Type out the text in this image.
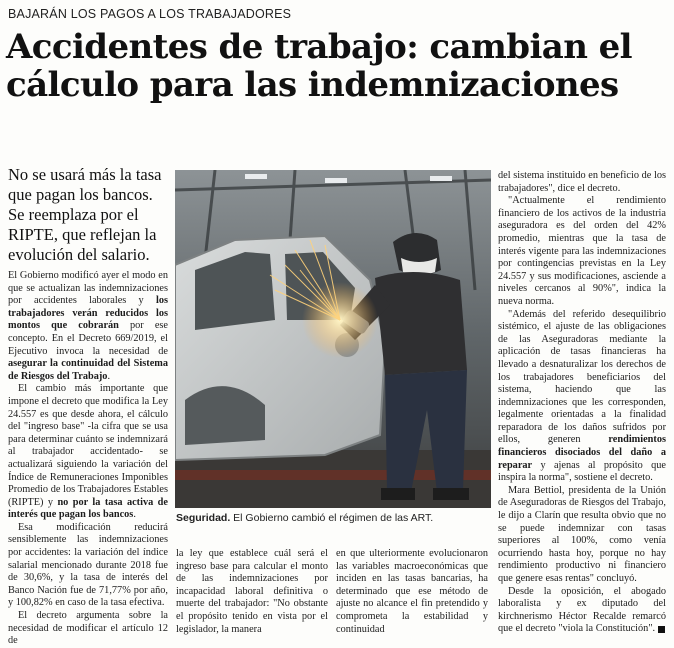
BAJARÁN LOS PAGOS A LOS TRABAJADORES
Accidentes de trabajo: cambian el cálculo para las indemnizaciones

No se usará más la tasa que pagan los bancos. Se reemplaza por el RIPTE, que reflejan la evolución del salario.

El Gobierno modificó ayer el modo en que se actualizan las indemnizaciones por accidentes laborales y los trabajadores verán reducidos los montos que cobrarán por ese concepto. En el Decreto 669/2019, el Ejecutivo invoca la necesidad de asegurar la continuidad del Sistema de Riesgos del Trabajo.

El cambio más importante que impone el decreto que modifica la Ley 24.557 es que desde ahora, el cálculo del "ingreso base" -la cifra que se usa para determinar cuánto se indemnizará al trabajador accidentado- se actualizará siguiendo la variación del Índice de Remuneraciones Imponibles Promedio de los Trabajadores Estables (RIPTE) y no por la tasa activa de interés que pagan los bancos.

Esa modificación reducirá sensiblemente las indemnizaciones por accidentes: la variación del índice salarial mencionado durante 2018 fue de 30,6%, y la tasa de interés del Banco Nación fue de 71,77% por año, y 100,82% en caso de la tasa efectiva.

El decreto argumenta sobre la necesidad de modificar el artículo 12 de

Seguridad. El Gobierno cambió el régimen de las ART.

la ley que establece cuál será el ingreso base para calcular el monto de las indemnizaciones por incapacidad laboral definitiva o muerte del trabajador: "No obstante el propósito tenido en vista por el legislador, la manera

en que ulteriormente evolucionaron las variables macroeconómicas que inciden en las tasas bancarias, ha determinado que ese método de ajuste no alcance el fin pretendido y comprometa la estabilidad y continuidad

del sistema instituido en beneficio de los trabajadores", dice el decreto.

"Actualmente el rendimiento financiero de los activos de la industria aseguradora es del orden del 42% promedio, mientras que la tasa de interés vigente para las indemnizaciones por contingencias previstas en la Ley 24.557 y sus modificaciones, asciende a niveles cercanos al 90%", indica la nueva norma.

"Además del referido desequilibrio sistémico, el ajuste de las obligaciones de las Aseguradoras mediante la aplicación de tasas financieras ha llevado a desnaturalizar los derechos de los trabajadores beneficiarios del sistema, haciendo que las indemnizaciones que les corresponden, legalmente orientadas a la finalidad reparadora de los daños sufridos por ellos, generen rendimientos financieros disociados del daño a reparar y ajenas al propósito que inspira la norma", sostiene el decreto.

Mara Bettiol, presidenta de la Unión de Aseguradoras de Riesgos del Trabajo, le dijo a Clarín que resulta obvio que no se puede indemnizar con tasas superiores al 100%, como venía ocurriendo hasta hoy, porque no hay rendimiento productivo ni financiero que genere esas rentas" concluyó.

Desde la oposición, el abogado laboralista y ex diputado del kirchnerismo Héctor Recalde remarcó que el decreto "viola la Constitución".
